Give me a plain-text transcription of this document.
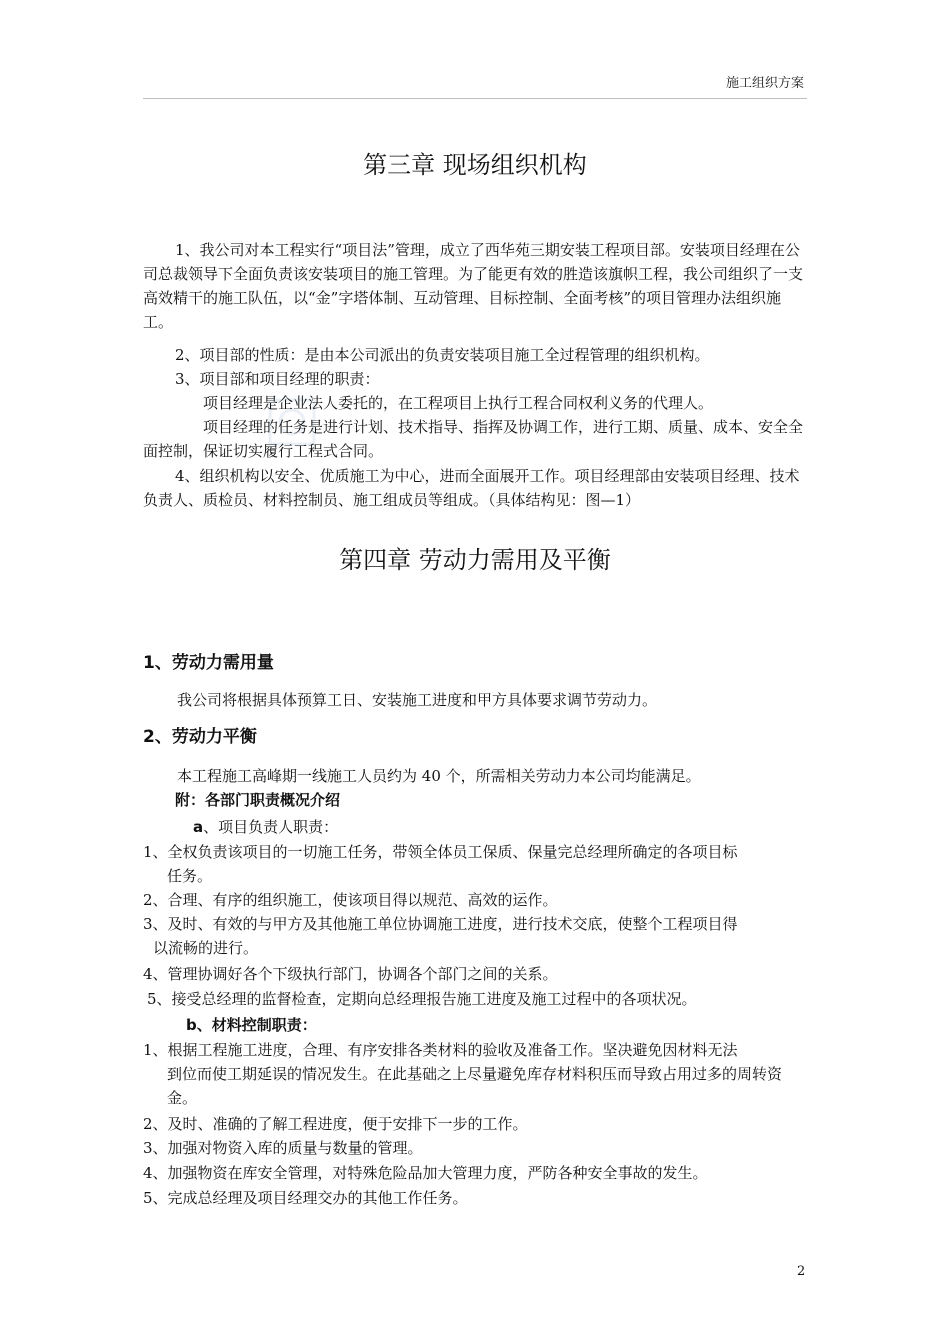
施工组织方案
第三章 现场组织机构
1、我公司对本工程实行“项目法”管理，成立了西华苑三期安装工程项目部。安装项目经理在公司总裁领导下全面负责该安装项目的施工管理。为了能更有效的胜造该旗帜工程，我公司组织了一支高效精干的施工队伍，以“金”字塔体制、互动管理、目标控制、全面考核”的项目管理办法组织施工。
2、项目部的性质：是由本公司派出的负责安装项目施工全过程管理的组织机构。
3、项目部和项目经理的职责：
项目经理是企业法人委托的，在工程项目上执行工程合同权利义务的代理人。
项目经理的任务是进行计划、技术指导、指挥及协调工作，进行工期、质量、成本、安全全面控制，保证切实履行工程式合同。
4、组织机构以安全、优质施工为中心，进而全面展开工作。项目经理部由安装项目经理、技术负责人、质检员、材料控制员、施工组成员等组成。（具体结构见：图—1）
第四章 劳动力需用及平衡
1、劳动力需用量
我公司将根据具体预算工日、安装施工进度和甲方具体要求调节劳动力。
2、劳动力平衡
本工程施工高峰期一线施工人员约为 40 个，所需相关劳动力本公司均能满足。
附：各部门职责概况介绍
a、项目负责人职责：
1、全权负责该项目的一切施工任务，带领全体员工保质、保量完总经理所确定的各项目标
任务。
2、合理、有序的组织施工，使该项目得以规范、高效的运作。
3、及时、有效的与甲方及其他施工单位协调施工进度，进行技术交底，使整个工程项目得
以流畅的进行。
4、管理协调好各个下级执行部门，协调各个部门之间的关系。
5、接受总经理的监督检查，定期向总经理报告施工进度及施工过程中的各项状况。
b、材料控制职责：
1、根据工程施工进度，合理、有序安排各类材料的验收及准备工作。坚决避免因材料无法
到位而使工期延误的情况发生。在此基础之上尽量避免库存材料积压而导致占用过多的周转资金。
2、及时、准确的了解工程进度，便于安排下一步的工作。
3、加强对物资入库的质量与数量的管理。
4、加强物资在库安全管理，对特殊危险品加大管理力度，严防各种安全事故的发生。
5、完成总经理及项目经理交办的其他工作任务。
2
